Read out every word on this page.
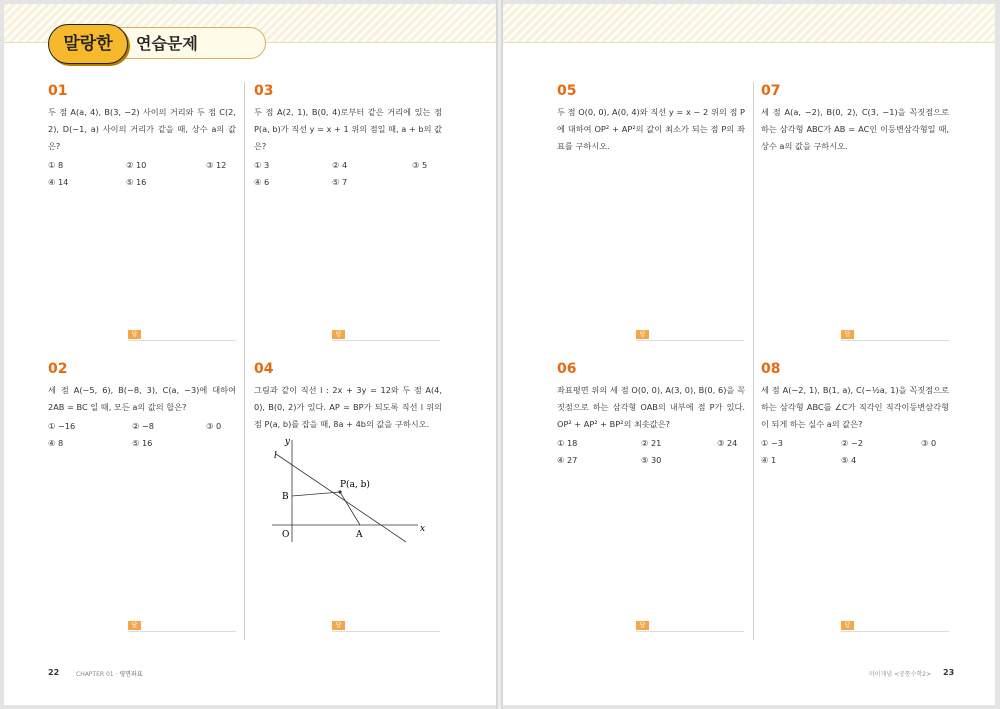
연습문제
말랑한
01
두 점 A(a, 4), B(3, −2) 사이의 거리와 두 점 C(2, 2), D(−1, a) 사이의 거리가 같을 때, 상수 a의 값은?
① 8	② 10	③ 12
④ 14	⑤ 16
답
03
두 점 A(2, 1), B(0, 4)로부터 같은 거리에 있는 점 P(a, b)가 직선 y = x + 1 위의 점일 때, a + b의 값은?
① 3	② 4	③ 5
④ 6	⑤ 7
답
02
세 점 A(−5, 6), B(−8, 3), C(a, −3)에 대하여 2AB = BC 일 때, 모든 a의 값의 합은?
① −16	② −8	③ 0
④ 8	⑤ 16
답
04
그림과 같이 직선 l : 2x + 3y = 12와 두 점 A(4, 0), B(0, 2)가 있다. AP = BP가 되도록 직선 l 위의 점 P(a, b)를 잡을 때, 8a + 4b의 값을 구하시오.
y
x
l
P(a, b)
B
A
O
답
22	CHAPTER 01 · 평면좌표
05
두 점 O(0, 0), A(0, 4)와 직선 y = x − 2 위의 점 P에 대하여 OP² + AP²의 값이 최소가 되는 점 P의 좌표를 구하시오.
답
07
세 점 A(a, −2), B(0, 2), C(3, −1)을 꼭짓점으로 하는 삼각형 ABC가 AB = AC인 이등변삼각형일 때, 상수 a의 값을 구하시오.
답
06
좌표평면 위의 세 점 O(0, 0), A(3, 0), B(0, 6)을 꼭짓점으로 하는 삼각형 OAB의 내부에 점 P가 있다. OP² + AP² + BP²의 최솟값은?
① 18	② 21	③ 24
④ 27	⑤ 30
답
08
세 점 A(−2, 1), B(1, a), C(−½a, 1)을 꼭짓점으로 하는 삼각형 ABC를 ∠C가 직각인 직각이등변삼각형이 되게 하는 실수 a의 값은?
① −3	② −2	③ 0
④ 1	⑤ 4
답
마이개념 <공통수학2> 23
